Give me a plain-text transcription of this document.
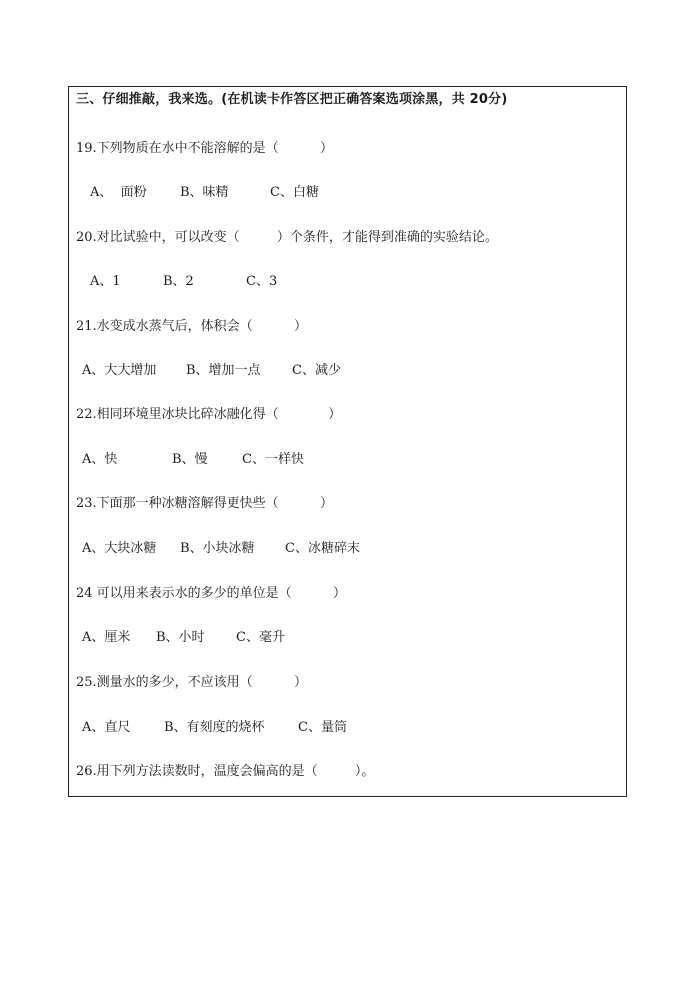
三、仔细推敲，我来选。(在机读卡作答区把正确答案选项涂黑，共 20分)
19.下列物质在水中不能溶解的是（          ）
A、  面粉	B、味精	C、白糖
20.对比试验中，可以改变（         ）个条件，才能得到准确的实验结论。
A、1	B、2	C、3
21.水变成水蒸气后，体积会（          ）
A、大大增加 B、增加一点 C、减少
22.相同环境里冰块比碎冰融化得（            ）
A、快	B、慢	C、一样快
23.下面那一种冰糖溶解得更快些（          ）
A、大块冰糖 B、小块冰糖 C、冰糖碎末
24 可以用来表示水的多少的单位是（          ）
A、厘米 B、小时 C、毫升
25.测量水的多少，不应该用（          ）
A、直尺	B、有刻度的烧杯	C、量筒
26.用下列方法读数时，温度会偏高的是（         ）。
